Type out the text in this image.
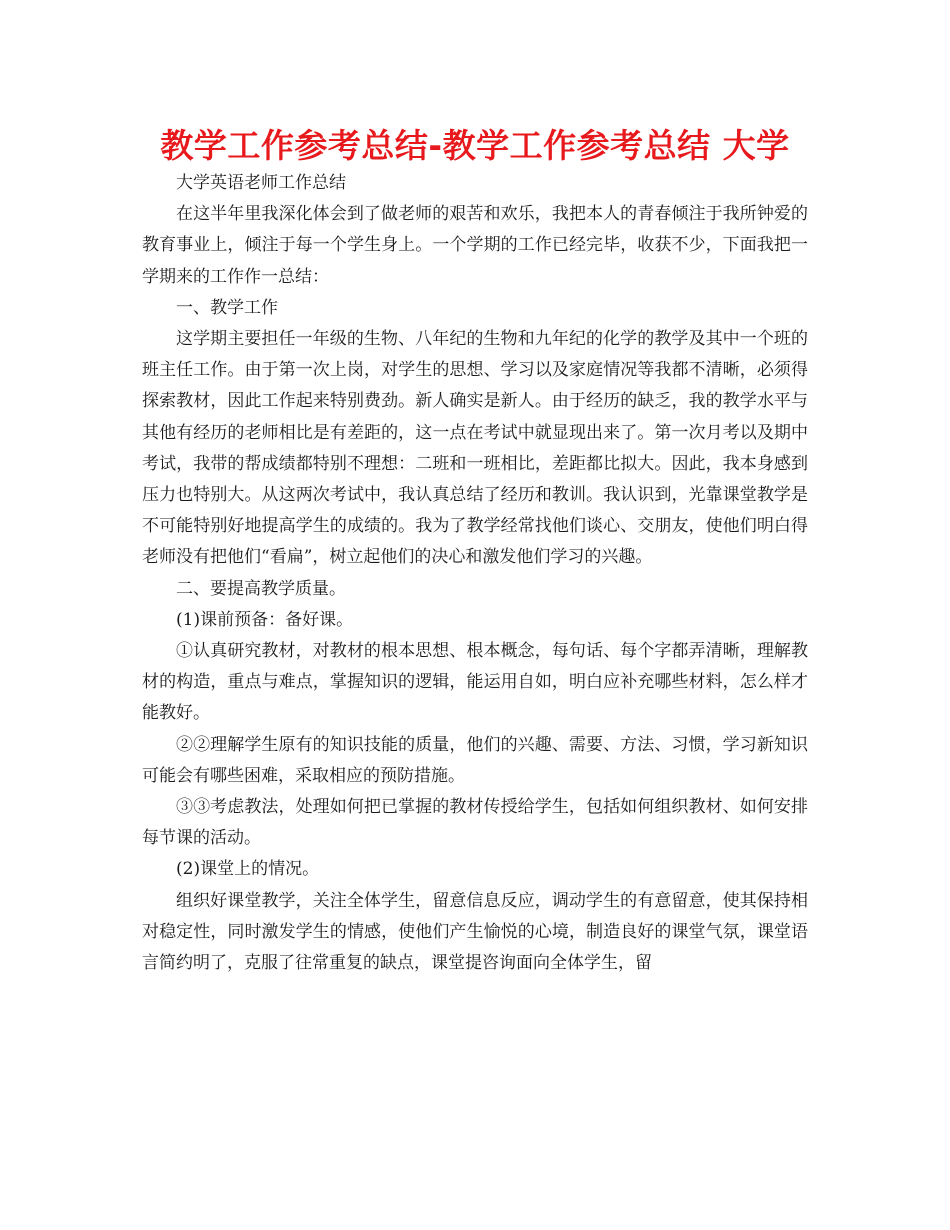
教学工作参考总结-教学工作参考总结 大学

大学英语老师工作总结

在这半年里我深化体会到了做老师的艰苦和欢乐，我把本人的青春倾注于我所钟爱的教育事业上，倾注于每一个学生身上。一个学期的工作已经完毕，收获不少，下面我把一学期来的工作作一总结：

一、教学工作

这学期主要担任一年级的生物、八年纪的生物和九年纪的化学的教学及其中一个班的班主任工作。由于第一次上岗，对学生的思想、学习以及家庭情况等我都不清晰，必须得探索教材，因此工作起来特别费劲。新人确实是新人。由于经历的缺乏，我的教学水平与其他有经历的老师相比是有差距的，这一点在考试中就显现出来了。第一次月考以及期中考试，我带的帮成绩都特别不理想：二班和一班相比，差距都比拟大。因此，我本身感到压力也特别大。从这两次考试中，我认真总结了经历和教训。我认识到，光靠课堂教学是不可能特别好地提高学生的成绩的。我为了教学经常找他们谈心、交朋友，使他们明白得老师没有把他们“看扁”，树立起他们的决心和激发他们学习的兴趣。

二、要提高教学质量。

(1)课前预备：备好课。

①认真研究教材，对教材的根本思想、根本概念，每句话、每个字都弄清晰，理解教材的构造，重点与难点，掌握知识的逻辑，能运用自如，明白应补充哪些材料，怎么样才能教好。

②②理解学生原有的知识技能的质量，他们的兴趣、需要、方法、习惯，学习新知识可能会有哪些困难，采取相应的预防措施。

③③考虑教法，处理如何把已掌握的教材传授给学生，包括如何组织教材、如何安排每节课的活动。

(2)课堂上的情况。

组织好课堂教学，关注全体学生，留意信息反应，调动学生的有意留意，使其保持相对稳定性，同时激发学生的情感，使他们产生愉悦的心境，制造良好的课堂气氛，课堂语言简约明了，克服了往常重复的缺点，课堂提咨询面向全体学生，留
